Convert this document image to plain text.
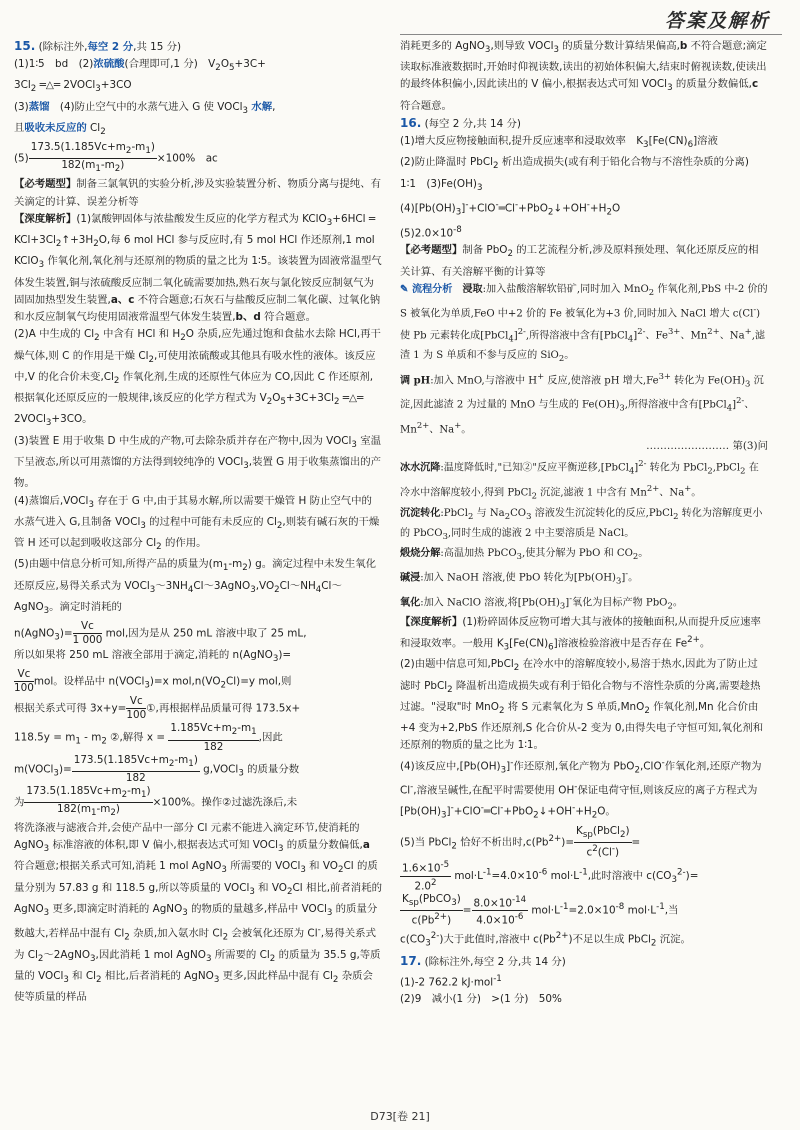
答案及解析

15. (除标注外,每空 2 分,共 15 分)

(1)1∶5　bd　(2)浓硫酸(合理即可,1 分)　$V_2O_5+3C+$

$3Cl_2$ ═△═ 2VOCl$_3$+3CO

(3)蒸馏　(4)防止空气中的水蒸气进入 G 使 VOCl$_3$ 水解,

且吸收未反应的 $Cl_2$

$(5) \frac{173.5(1.185Vc+m_2-m_1)}{182(m_1-m_2)} \times 100\%$　ac

【必考题型】制备三氯氧钒的实验分析,涉及实验装置分析、物质分离与提纯、有关滴定的计算、误差分析等

【深度解析】(1)氯酸钾固体与浓盐酸发生反应的化学方程式为 KClO$_3$+6HCl ═ $KCl+3Cl_2↑+3H_2O$,每 6 mol HCl 参与反应时,有 5 mol HCl 作还原剂,1 mol KClO$_3$ 作氧化剂,氧化剂与还原剂的物质的量之比为 1∶5。该装置为固液常温型气体发生装置,铜与浓硫酸反应制二氧化硫需要加热,熟石灰与氯化铵反应制氨气为固固加热型发生装置,a、c 不符合题意;石灰石与盐酸反应制二氧化碳、过氧化钠和水反应制氧气均使用固液常温型气体发生装置,b、d 符合题意。

(2)A 中生成的 $Cl_2$ 中含有 HCl 和 $H_2O$ 杂质,应先通过饱和食盐水去除 HCl,再干燥气体,则 C 的作用是干燥 $Cl_2$,可使用浓硫酸或其他具有吸水性的液体。该反应中,V 的化合价未变$,Cl_2$ 作氧化剂,生成的还原性气体应为 CO,因此 C 作还原剂,根据氧化还原反应的一般规律,该反应的化学方程式为 $V_2O_5+3C+3Cl_2$ ═△═ 2VOCl$_3$+3CO。

(3)装置 E 用于收集 D 中生成的产物,可去除杂质并存在产物中,因为 VOCl$_3$ 室温下呈液态,所以可用蒸馏的方法得到较纯净的 VOCl$_3$,装置 G 用于收集蒸馏出的产物。

(4)蒸馏后,VOCl$_3$ 存在于 G 中,由于其易水解,所以需要干燥管 H 防止空气中的水蒸气进入 G,且制备 VOCl$_3$ 的过程中可能有未反应的 $Cl_2$,则装有碱石灰的干燥管 H 还可以起到吸收这部分 $Cl_2$ 的作用。

(5)由题中信息分析可知,所得产品的质量为$(m_1-m_2)$ g。滴定过程中未发生氧化还原反应,易得关系式为 $VOCl_3\sim 3NH_4Cl\sim 3AgNO_3,VO_2Cl\sim NH_4Cl\sim AgNO_3$。滴定时消耗的

n(AgNO$_3$)= $\frac{Vc}{1 000}$ mol,因为是从 250 mL 溶液中取了 25 mL,

所以如果将 250 mL 溶液全部用于滴定,消耗的 n(AgNO$_3$)=

$\frac{Vc}{100}$ mol。设样品中 n(VOCl$_3$)=x $mol,n(VO_2Cl)=y$ mol,则

根据关系式可得 $3x+y= \frac{Vc}{100}$ ①,再根据样品质量可得 173.5x+

$118.5y = m_1 - m_2$ ②,解得 $x = \frac{1.185Vc+m_2-m_1}{182}$ ,因此

m(VOCl$_3$)= $\frac{173.5(1.185Vc+m_2-m_1)}{182}$ g,VOCl$_3$ 的质量分数

为 $\frac{173.5(1.185Vc+m_2-m_1)}{182(m_1-m_2)} \times 100\%$。操作②过滤洗涤后,未

将洗涤液与滤液合并,会使产品中一部分 Cl 元素不能进入滴定环节,使消耗的 AgNO$_3$ 标准溶液的体积,即 V 偏小,根据表达式可知 VOCl$_3$ 的质量分数偏低,a 符合题意;根据关系式可知,消耗 1 mol AgNO$_3$ 所需要的 VOCl$_3$ 和 $VO_2Cl$ 的质量分别为 57.83 g 和 118.5 g,所以等质量的 VOCl$_3$ 和 $VO_2Cl$ 相比,前者消耗的 AgNO$_3$ 更多,即滴定时消耗的 AgNO$_3$ 的物质的量越多,样品中 VOCl$_3$ 的质量分数越大,若样品中混有 $Cl_2$ 杂质,加入氨水时 $Cl_2$ 会被氧化还原为 Cl-,易得关系式为 $Cl_2\sim 2AgNO_3$,因此消耗 1 mol AgNO$_3$ 所需要的 $Cl_2$ 的质量为 35.5 g,等质量的 VOCl$_3$ 和 $Cl_2$ 相比,后者消耗的 AgNO$_3$ 更多,因此样品中混有 $Cl_2$ 杂质会使等质量的样品

消耗更多的 AgNO$_3$,则导致 VOCl$_3$ 的质量分数计算结果偏高,b 不符合题意;滴定读取标准液数据时,开始时仰视读数,读出的初始体积偏大,结束时俯视读数,使读出的最终体积偏小,因此读出的 V 偏小,根据表达式可知 VOCl$_3$ 的质量分数偏低,c 符合题意。

16. (每空 2 分,共 14 分)

(1)增大反应物接触面积,提升反应速率和浸取效率　$K_3[Fe(CN)_6]$溶液

(2)防止降温时 PbCl$_2$ 析出造成损失(或有利于铅化合物与不溶性杂质的分离)　1∶1　$(3)Fe(OH)_3$

$(4)[Pb(OH)_3]^-+ClO^-═Cl^-+PbO_2↓+OH^-+H_2O$

$(5)2.0\times 10^{-8}$

【必考题型】制备 PbO$_2$ 的工艺流程分析,涉及原料预处理、氧化还原反应的相关计算、有关溶解平衡的计算等

✎ 流程分析　 浸取:加入盐酸溶解软铅矿,同时加入 MnO$_2$ 作氧化剂,PbS 中-2 价的 S 被氧化为单质,FeO 中+2 价的 Fe 被氧化为+3 价,同时加入 NaCl 增大 c(Cl-)使 Pb 元素转化成[PbCl$_4$]$^{2-}$,所得溶液中含有[PbCl$_4$]$^{2-}$、$Fe^{3+}$、$Mn^{2+}$、Na+,滤渣 1 为 S 单质和不参与反应的 SiO$_2$。

调 pH:加入 MnO,与溶液中 H+ 反应,使溶液 pH 增大$,Fe^{3+}$ 转化为 $Fe(OH)_3$ 沉淀,因此滤渣 2 为过量的 MnO 与生成的 $Fe(OH)_3$,所得溶液中含有[PbCl$_4$]$^{2-}$、$Mn^{2+}$、Na+。

…………………… 第(3)问

冰水沉降:温度降低时,"已知②"反应平衡逆移,[PbCl$_4$]$^{2-}$ 转化为 PbCl$_2$,PbCl$_2$ 在冷水中溶解度较小,得到 PbCl$_2$ 沉淀,滤液 1 中含有 $Mn^{2+}$、Na+。

沉淀转化:PbCl$_2$ 与 $Na_2CO_3$ 溶液发生沉淀转化的反应,PbCl$_2$ 转化为溶解度更小的 PbCO$_3$,同时生成的滤液 2 中主要溶质是 NaCl。

煅烧分解:高温加热 PbCO$_3$,使其分解为 PbO 和 $CO_2$。

碱浸:加入 NaOH 溶液,使 PbO 转化为$[Pb(OH)_3]^-$。

氧化:加入 NaClO 溶液,将$[Pb(OH)_3]^-$氧化为目标产物 PbO$_2$。

【深度解析】(1)粉碎固体反应物可增大其与液体的接触面积,从而提升反应速率和浸取效率。一般用 $K_3[Fe(CN)_6]$溶液检验溶液中是否存在 $Fe^{2+}$。

(2)由题中信息可知,PbCl$_2$ 在冷水中的溶解度较小,易溶于热水,因此为了防止过滤时 PbCl$_2$ 降温析出造成损失或有利于铅化合物与不溶性杂质的分离,需要趁热过滤。"浸取"时 MnO$_2$ 将 S 元素氧化为 S 单质,MnO$_2$ 作氧化剂,Mn 化合价由+4 变为+2,PbS 作还原剂,S 化合价从-2 变为 0,由得失电子守恒可知,氧化剂和还原剂的物质的量之比为 1∶1。

(4)该反应中$,[Pb(OH)_3]^-$作还原剂,氧化产物为 PbO$_2$,ClO-作氧化剂,还原产物为 Cl-,溶液呈碱性,在配平时需要使用 OH-保证电荷守恒,则该反应的离子方程式为$[Pb(OH)_3]^-+ClO^-═Cl^-+PbO_2↓+OH^-+H_2O$。

(5)当 PbCl$_2$ 恰好不析出时$,c(Pb^{2+})= \frac{K_{sp}(PbCl_2)}{c^2(Cl^-)}$ =

$\frac{1.6\times 10^{-5}}{2.0^2} mol\cdot L^{-1}=4.0\times 10^{-6}$ $mol\cdot L^{-1}$,此时溶液中 $c(CO_3^{2-})=$

$\frac{K_{sp}(PbCO_3)}{c(Pb^{2+})} = \frac{8.0\times 10^{-14}}{4.0\times 10^{-6}} mol\cdot L^{-1}=2.0\times 10^{-8}$ $mol\cdot L^{-1}$,当

$c(CO_3^{2-})$大于此值时,溶液中 $c(Pb^{2+})$不足以生成 PbCl$_2$ 沉淀。

17. (除标注外,每空 2 分,共 14 分)

(1)-2 762.2 kJ·mol$^{-1}$

(2)9　减小(1 分)　>(1 分)　50%

D73[卷 21]
